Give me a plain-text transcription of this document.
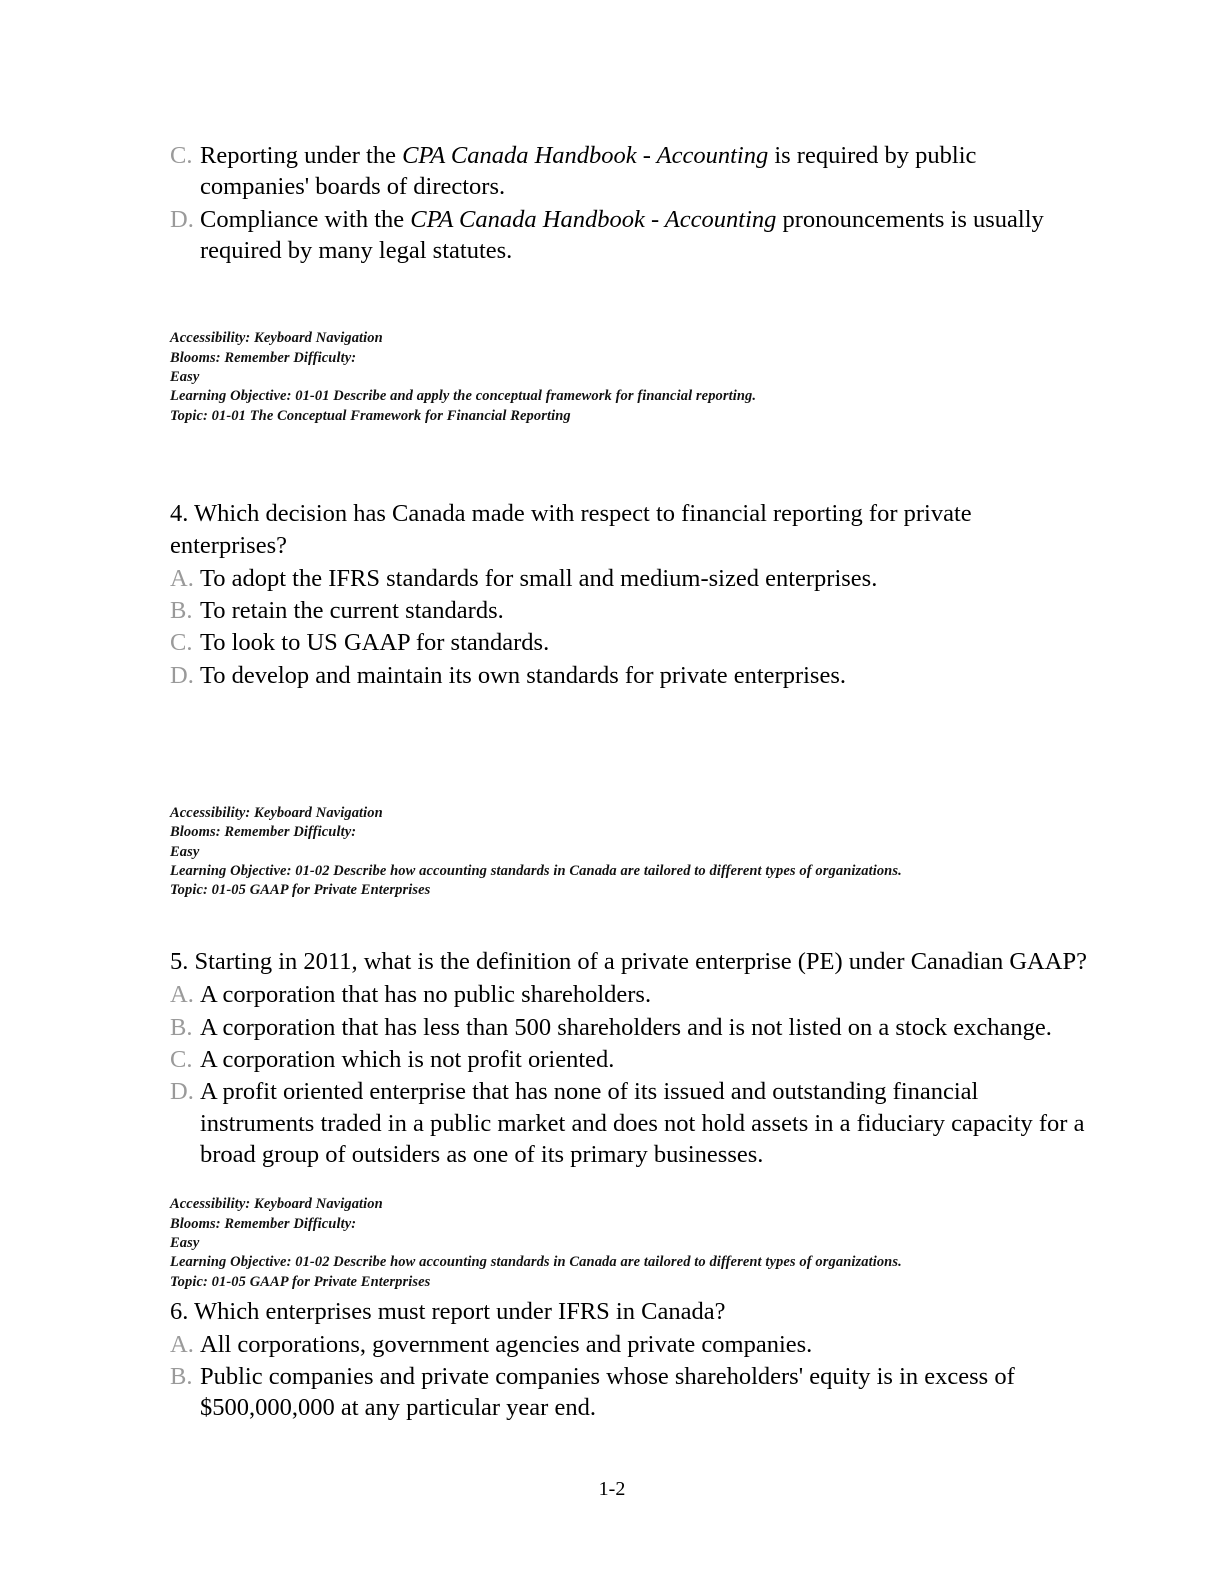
C. Reporting under the CPA Canada Handbook - Accounting is required by public companies' boards of directors.
D. Compliance with the CPA Canada Handbook - Accounting pronouncements is usually required by many legal statutes.
Accessibility: Keyboard Navigation
Blooms: Remember Difficulty:
Easy
Learning Objective: 01-01 Describe and apply the conceptual framework for financial reporting.
Topic: 01-01 The Conceptual Framework for Financial Reporting
4. Which decision has Canada made with respect to financial reporting for private enterprises?
A. To adopt the IFRS standards for small and medium-sized enterprises.
B. To retain the current standards.
C. To look to US GAAP for standards.
D. To develop and maintain its own standards for private enterprises.
Accessibility: Keyboard Navigation
Blooms: Remember Difficulty:
Easy
Learning Objective: 01-02 Describe how accounting standards in Canada are tailored to different types of organizations.
Topic: 01-05 GAAP for Private Enterprises
5. Starting in 2011, what is the definition of a private enterprise (PE) under Canadian GAAP?
A. A corporation that has no public shareholders.
B. A corporation that has less than 500 shareholders and is not listed on a stock exchange.
C. A corporation which is not profit oriented.
D. A profit oriented enterprise that has none of its issued and outstanding financial instruments traded in a public market and does not hold assets in a fiduciary capacity for a broad group of outsiders as one of its primary businesses.
Accessibility: Keyboard Navigation
Blooms: Remember Difficulty:
Easy
Learning Objective: 01-02 Describe how accounting standards in Canada are tailored to different types of organizations.
Topic: 01-05 GAAP for Private Enterprises
6. Which enterprises must report under IFRS in Canada?
A. All corporations, government agencies and private companies.
B. Public companies and private companies whose shareholders' equity is in excess of $500,000,000 at any particular year end.
1-2
